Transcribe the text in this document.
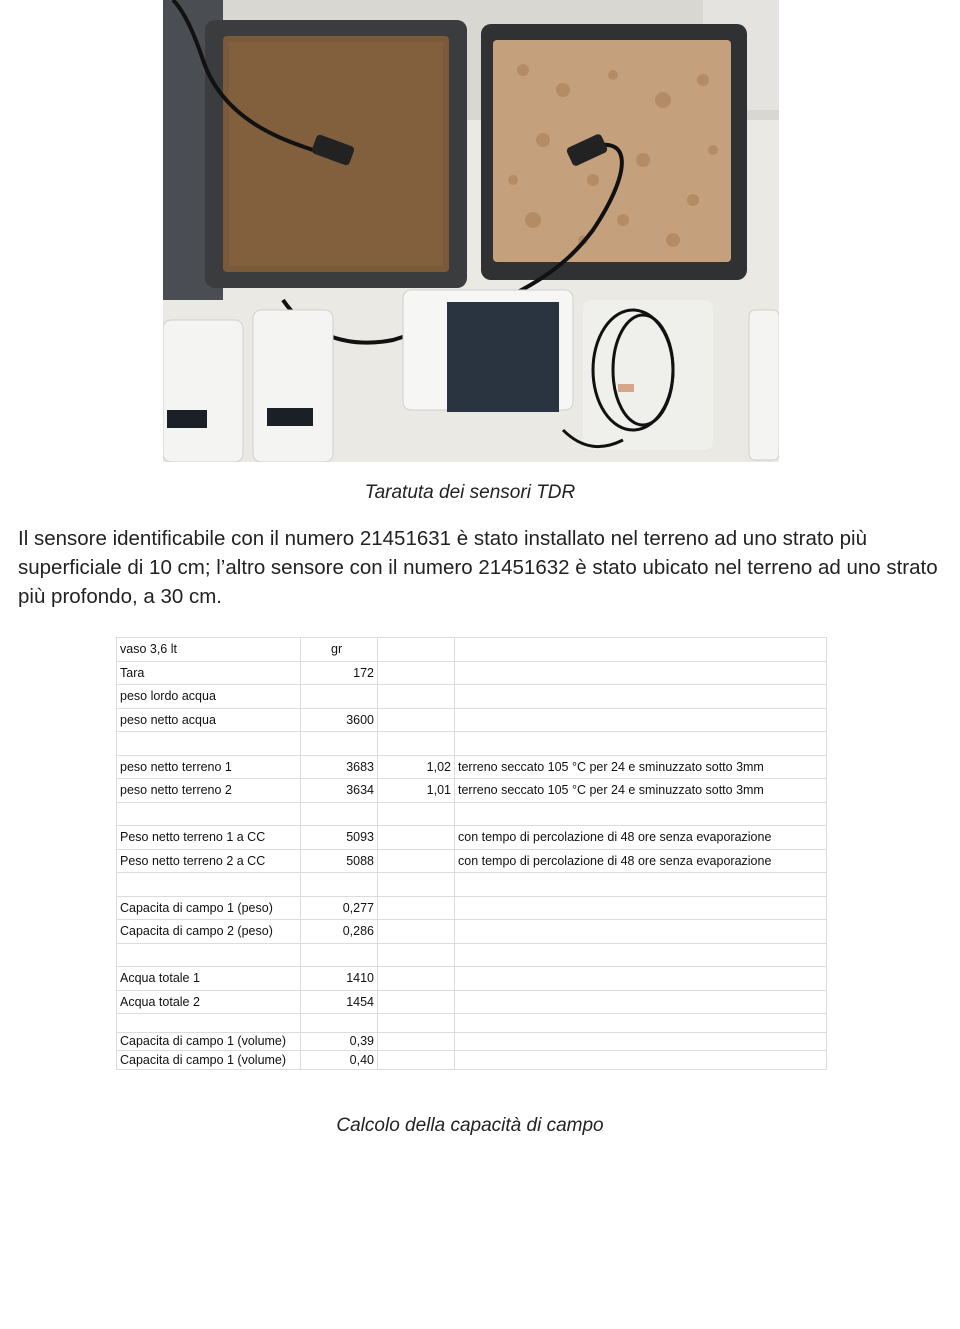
Taratuta dei sensori TDR
Il sensore identificabile con il numero 21451631 è stato installato nel terreno ad uno strato più superficiale di 10 cm; l’altro sensore con il numero 21451632 è stato ubicato nel terreno ad uno strato più profondo, a 30 cm.
vaso 3,6 lt	gr		
Tara	172		
peso lordo acqua			
peso netto acqua	3600		

peso netto terreno 1	3683	1,02	terreno seccato 105 °C per 24 e sminuzzato sotto 3mm
peso netto terreno 2	3634	1,01	terreno seccato 105 °C per 24 e sminuzzato sotto 3mm

Peso netto terreno 1 a CC	5093		con tempo di percolazione di 48 ore senza evaporazione
Peso netto terreno 2 a CC	5088		con tempo di percolazione di 48 ore senza evaporazione

Capacita di campo 1 (peso)	0,277		
Capacita di campo 2 (peso)	0,286		

Acqua totale 1	1410		
Acqua totale 2	1454		

Capacita di campo 1 (volume)	0,39		
Capacita di campo 1 (volume)	0,40		
Calcolo della capacità di campo
